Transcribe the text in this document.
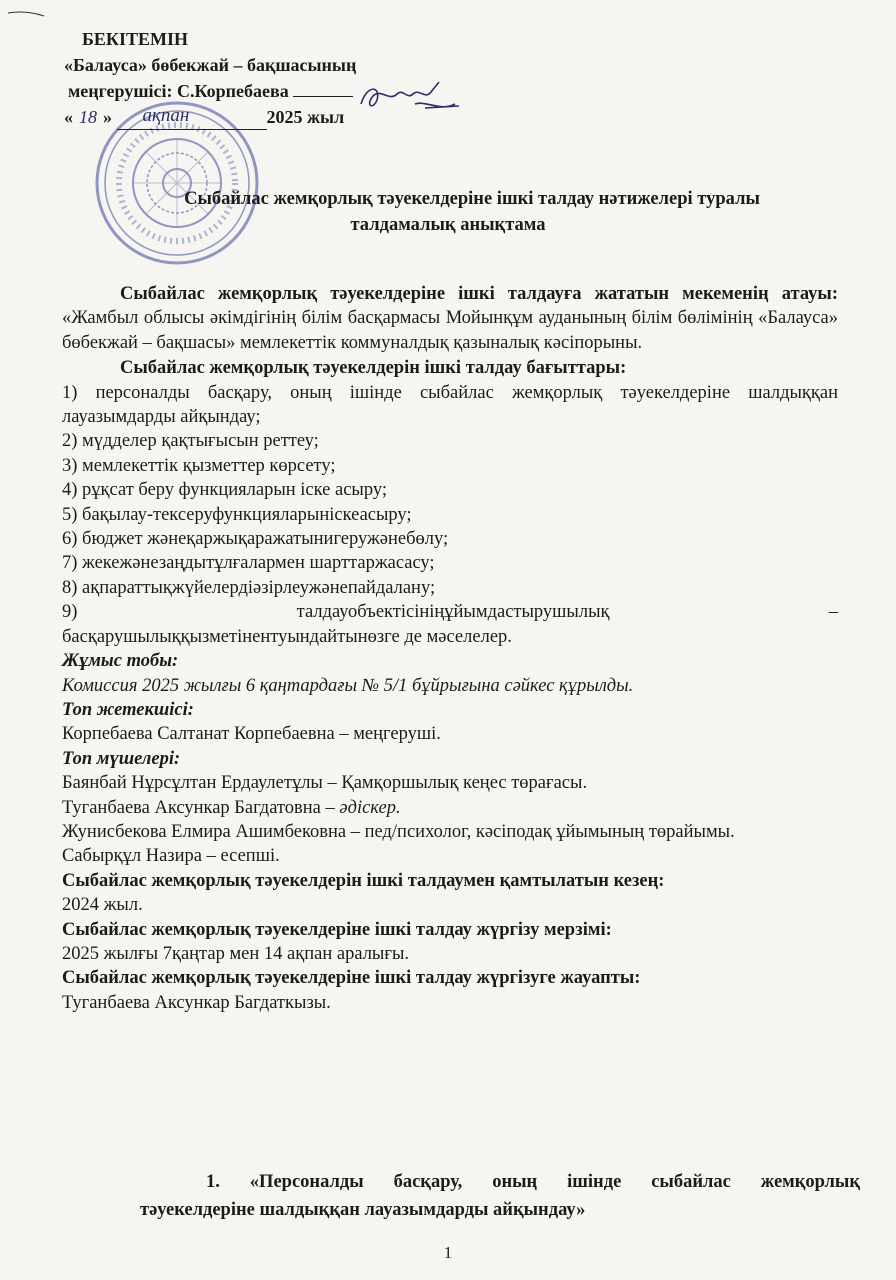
БЕКІТЕМІН
«Балауса» бөбекжай – бақшасының
меңгерушісі: С.Корпебаева
« 18 » ақпан	2025 жыл
Сыбайлас жемқорлық тәуекелдеріне ішкі талдау нәтижелері туралы
талдамалық анықтама

Сыбайлас жемқорлық тәуекелдеріне ішкі талдауға жататын мекеменің атауы: «Жамбыл облысы әкімдігінің білім басқармасы Мойынқұм ауданының білім бөлімінің «Балауса» бөбекжай – бақшасы» мемлекеттік коммуналдық қазыналық кәсіпорыны.

Сыбайлас жемқорлық тәуекелдерін ішкі талдау бағыттары:

1) персоналды басқару, оның ішінде сыбайлас жемқорлық тәуекелдеріне шалдыққан лауазымдарды айқындау;

2) мүдделер қақтығысын реттеу;

3) мемлекеттік қызметтер көрсету;

4) рұқсат беру функцияларын іске асыру;

5) бақылау-тексеруфункцияларыніскеасыру;

6) бюджет жәнеқаржықаражатынигеружәнебөлу;

7) жекежәнезаңдытұлғалармен шарттаржасасу;

8) ақпараттықжүйелердіәзірлеужәнепайдалану;

9)	талдауобъектісініңұйымдастырушылық	–

басқарушылыққызметінентуындайтынөзге де мәселелер.

Жұмыс тобы:

Комиссия 2025 жылғы 6 қаңтардағы № 5/1 бұйрығына сәйкес құрылды.

Топ жетекшісі:

Корпебаева Салтанат Корпебаевна – меңгеруші.

Топ мүшелері:

Баянбай Нұрсұлтан Ердаулетұлы – Қамқоршылық кеңес төрағасы.

Туганбаева Аксункар Багдатовна – әдіскер.

Жунисбекова Елмира Ашимбековна – пед/психолог, кәсіподақ ұйымының төрайымы.

Сабырқұл Назира – есепші.

Сыбайлас жемқорлық тәуекелдерін ішкі талдаумен қамтылатын кезең:

2024 жыл.

Сыбайлас жемқорлық тәуекелдеріне ішкі талдау жүргізу мерзімі:

2025 жылғы 7қаңтар мен 14 ақпан аралығы.

Сыбайлас жемқорлық тәуекелдеріне ішкі талдау жүргізуге жауапты:

Туганбаева Аксункар Багдаткызы.

1. «Персоналды басқару, оның ішінде сыбайлас жемқорлық
тәуекелдеріне шалдыққан лауазымдарды айқындау»
1
